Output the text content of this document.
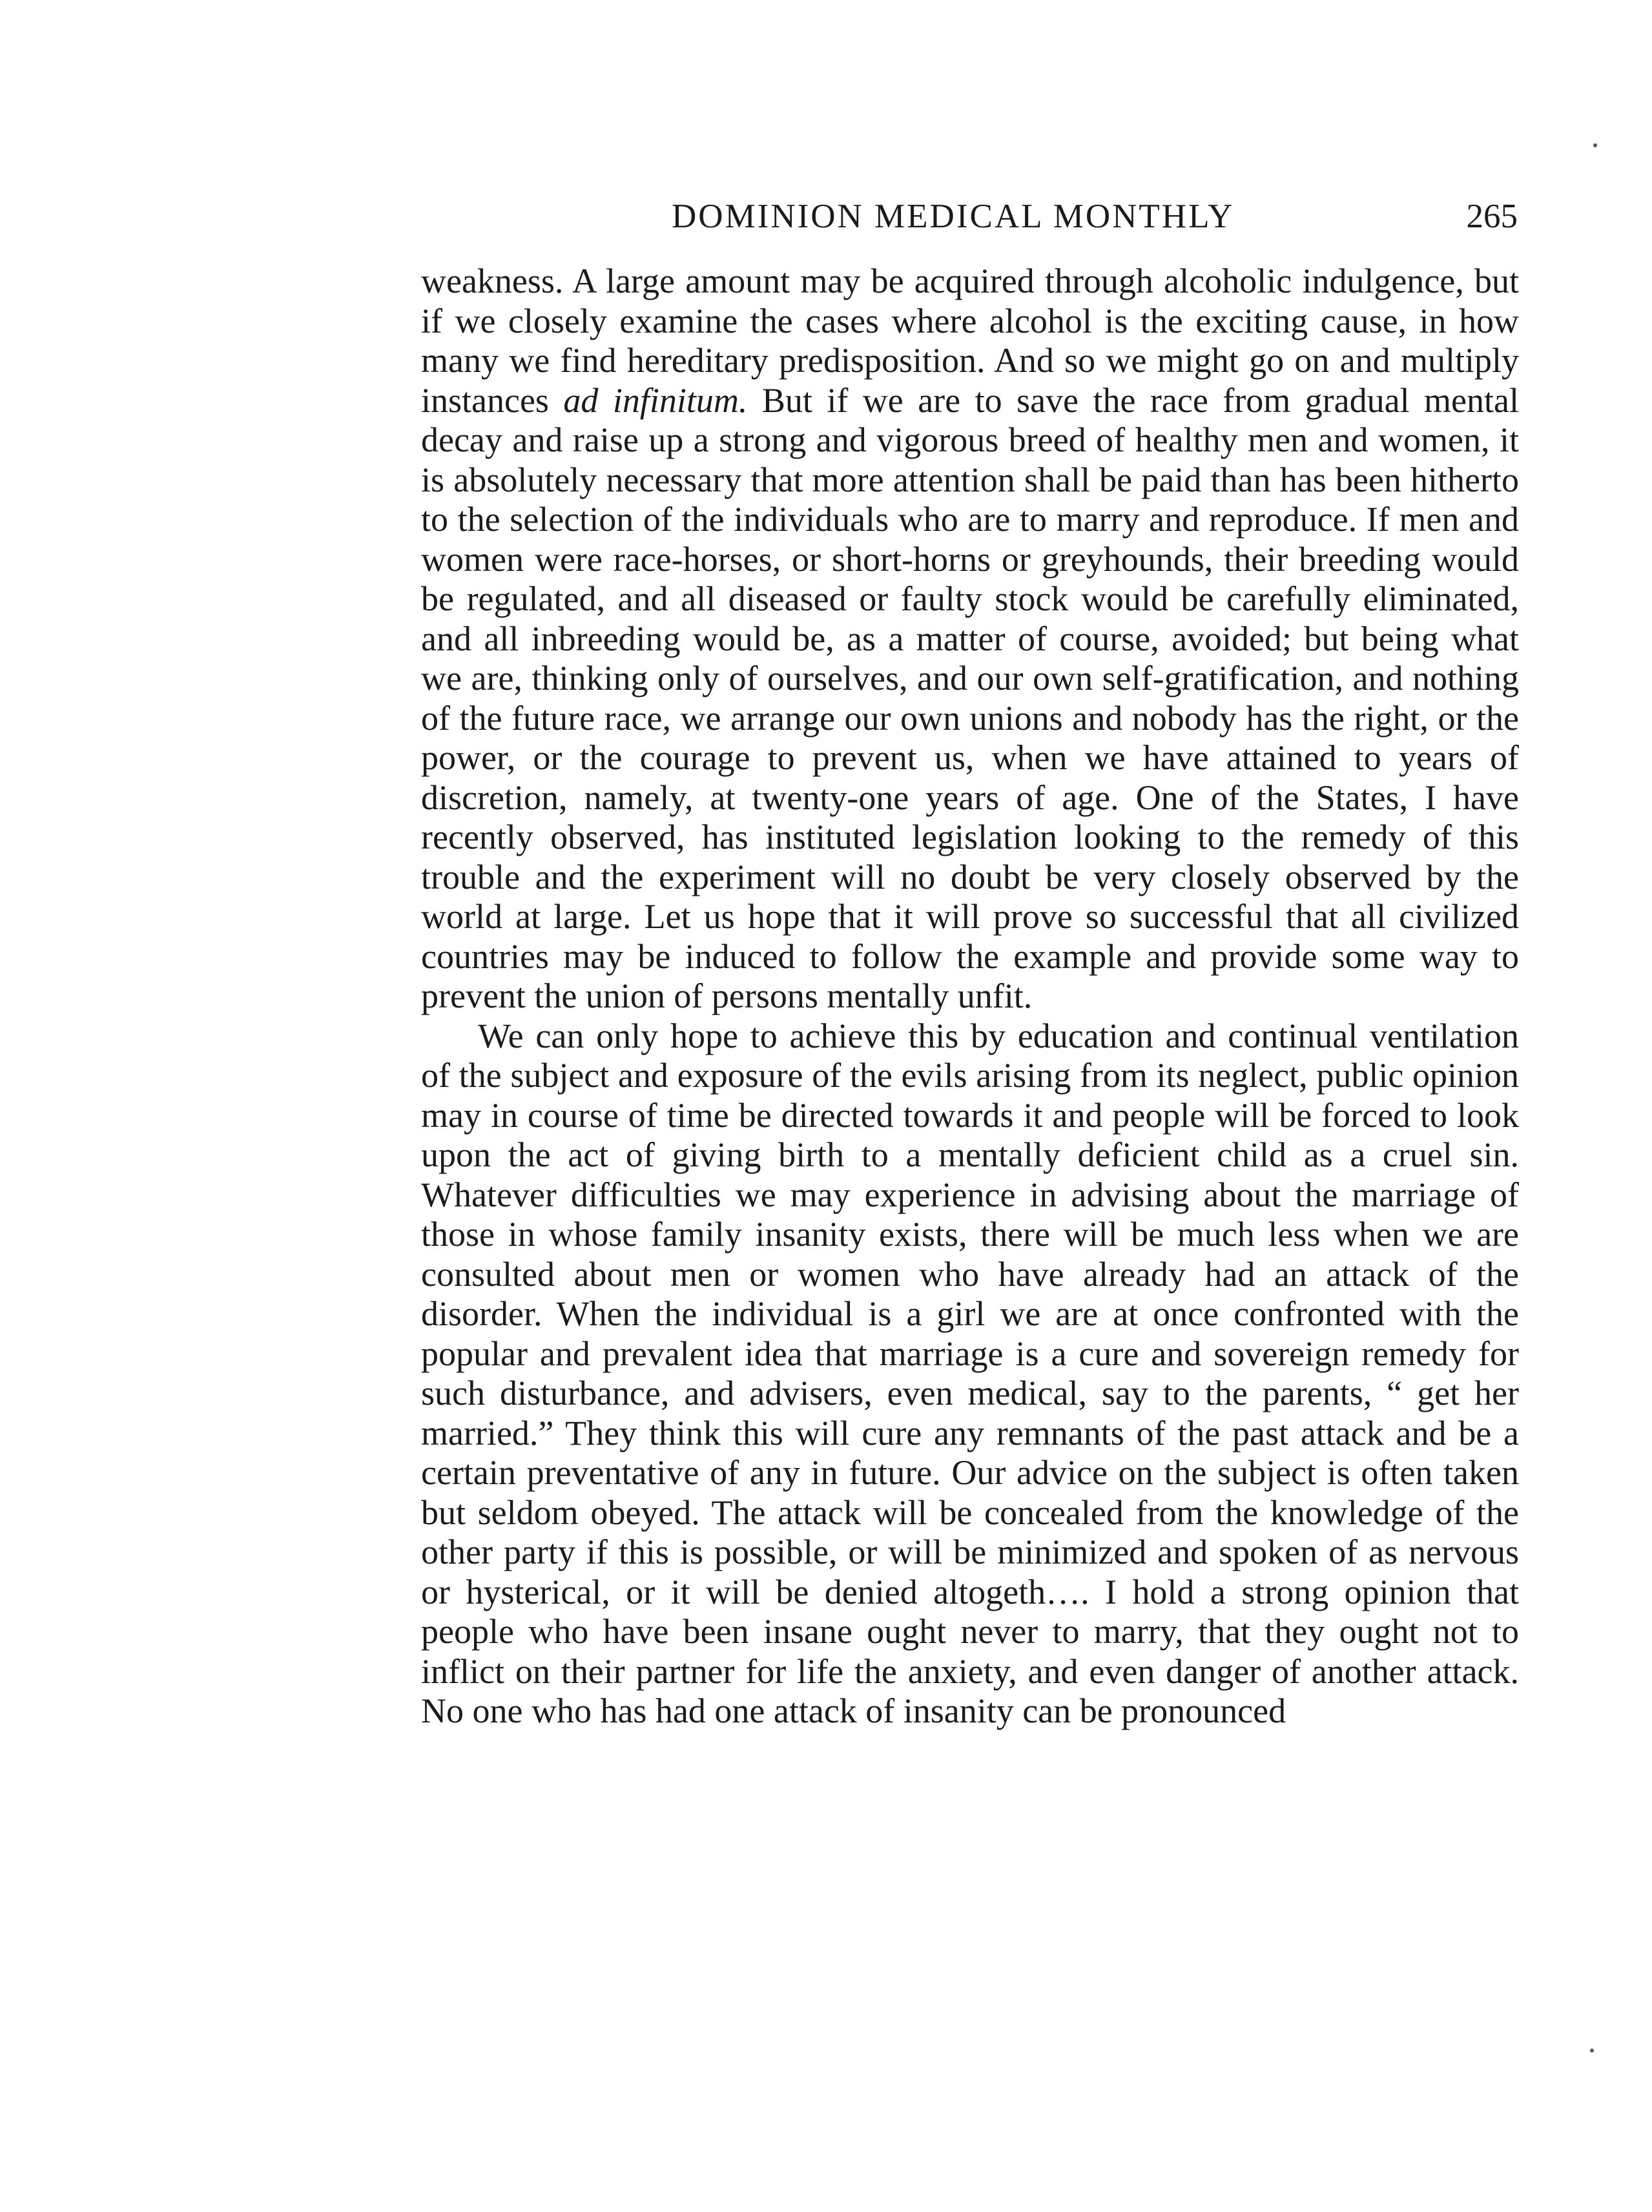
DOMINION MEDICAL MONTHLY	265

weakness. A large amount may be acquired through alcoholic indulgence, but if we closely examine the cases where alcohol is the exciting cause, in how many we find hereditary predisposition. And so we might go on and multiply instances ad infinitum. But if we are to save the race from gradual mental decay and raise up a strong and vigorous breed of healthy men and women, it is absolutely necessary that more attention shall be paid than has been hitherto to the selection of the individuals who are to marry and reproduce. If men and women were race-horses, or short-horns or greyhounds, their breeding would be regulated, and all diseased or faulty stock would be carefully eliminated, and all inbreeding would be, as a matter of course, avoided; but being what we are, thinking only of ourselves, and our own self-gratification, and nothing of the future race, we arrange our own unions and nobody has the right, or the power, or the courage to prevent us, when we have attained to years of discretion, namely, at twenty-one years of age. One of the States, I have recently observed, has instituted legislation looking to the remedy of this trouble and the experiment will no doubt be very closely observed by the world at large. Let us hope that it will prove so successful that all civilized countries may be induced to follow the example and provide some way to prevent the union of persons mentally unfit.

We can only hope to achieve this by education and continual ventilation of the subject and exposure of the evils arising from its neglect, public opinion may in course of time be directed towards it and people will be forced to look upon the act of giving birth to a mentally deficient child as a cruel sin. Whatever difficulties we may experience in advising about the marriage of those in whose family insanity exists, there will be much less when we are consulted about men or women who have already had an attack of the disorder. When the individual is a girl we are at once confronted with the popular and prevalent idea that marriage is a cure and sovereign remedy for such disturbance, and advisers, even medical, say to the parents, “ get her married.” They think this will cure any remnants of the past attack and be a certain preventative of any in future. Our advice on the subject is often taken but seldom obeyed. The attack will be concealed from the knowledge of the other party if this is possible, or will be minimized and spoken of as nervous or hysterical, or it will be denied altogeth…. I hold a strong opinion that people who have been insane ought never to marry, that they ought not to inflict on their partner for life the anxiety, and even danger of another attack. No one who has had one attack of insanity can be pronounced
